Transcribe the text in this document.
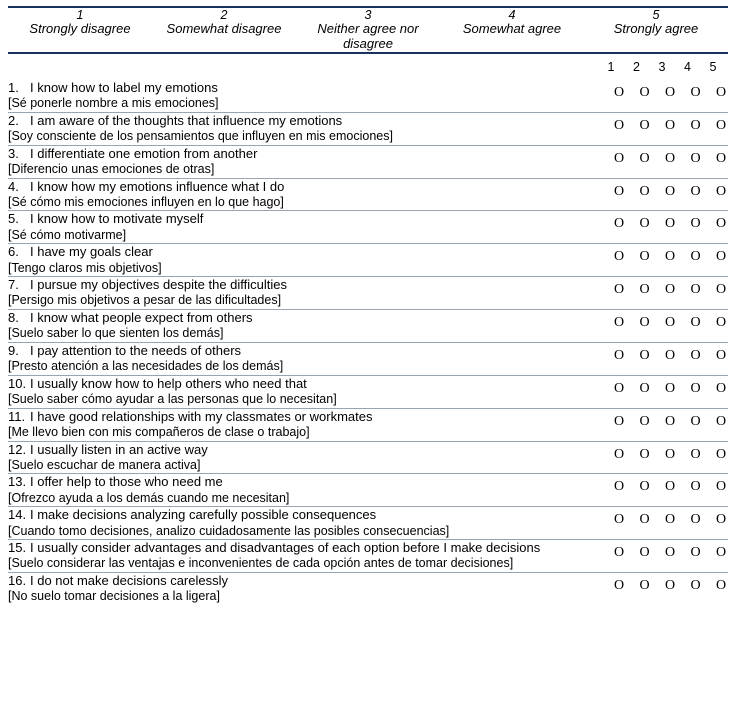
1	2	3	4	5
Strongly disagree	Somewhat disagree	Neither agree nor disagree	Somewhat agree	Strongly agree
1 2 3 4 5
1. I know how to label my emotions
[Sé ponerle nombre a mis emociones]

O O O O O

2. I am aware of the thoughts that influence my emotions
[Soy consciente de los pensamientos que influyen en mis emociones]

O O O O O

3. I differentiate one emotion from another
[Diferencio unas emociones de otras]

O O O O O

4. I know how my emotions influence what I do
[Sé cómo mis emociones influyen en lo que hago]

O O O O O

5. I know how to motivate myself
[Sé cómo motivarme]

O O O O O

6. I have my goals clear
[Tengo claros mis objetivos]

O O O O O

7. I pursue my objectives despite the difficulties
[Persigo mis objetivos a pesar de las dificultades]

O O O O O

8. I know what people expect from others
[Suelo saber lo que sienten los demás]

O O O O O

9. I pay attention to the needs of others
[Presto atención a las necesidades de los demás]

O O O O O

10. I usually know how to help others who need that
[Suelo saber cómo ayudar a las personas que lo necesitan]

O O O O O

11. I have good relationships with my classmates or workmates
[Me llevo bien con mis compañeros de clase o trabajo]

O O O O O

12. I usually listen in an active way
[Suelo escuchar de manera activa]

O O O O O

13. I offer help to those who need me
[Ofrezco ayuda a los demás cuando me necesitan]

O O O O O

14. I make decisions analyzing carefully possible consequences
[Cuando tomo decisiones, analizo cuidadosamente las posibles consecuencias]

O O O O O

15. I usually consider advantages and disadvantages of each option before I make decisions
[Suelo considerar las ventajas e inconvenientes de cada opción antes de tomar decisiones]

O O O O O

16. I do not make decisions carelessly
[No suelo tomar decisiones a la ligera]

O O O O O
